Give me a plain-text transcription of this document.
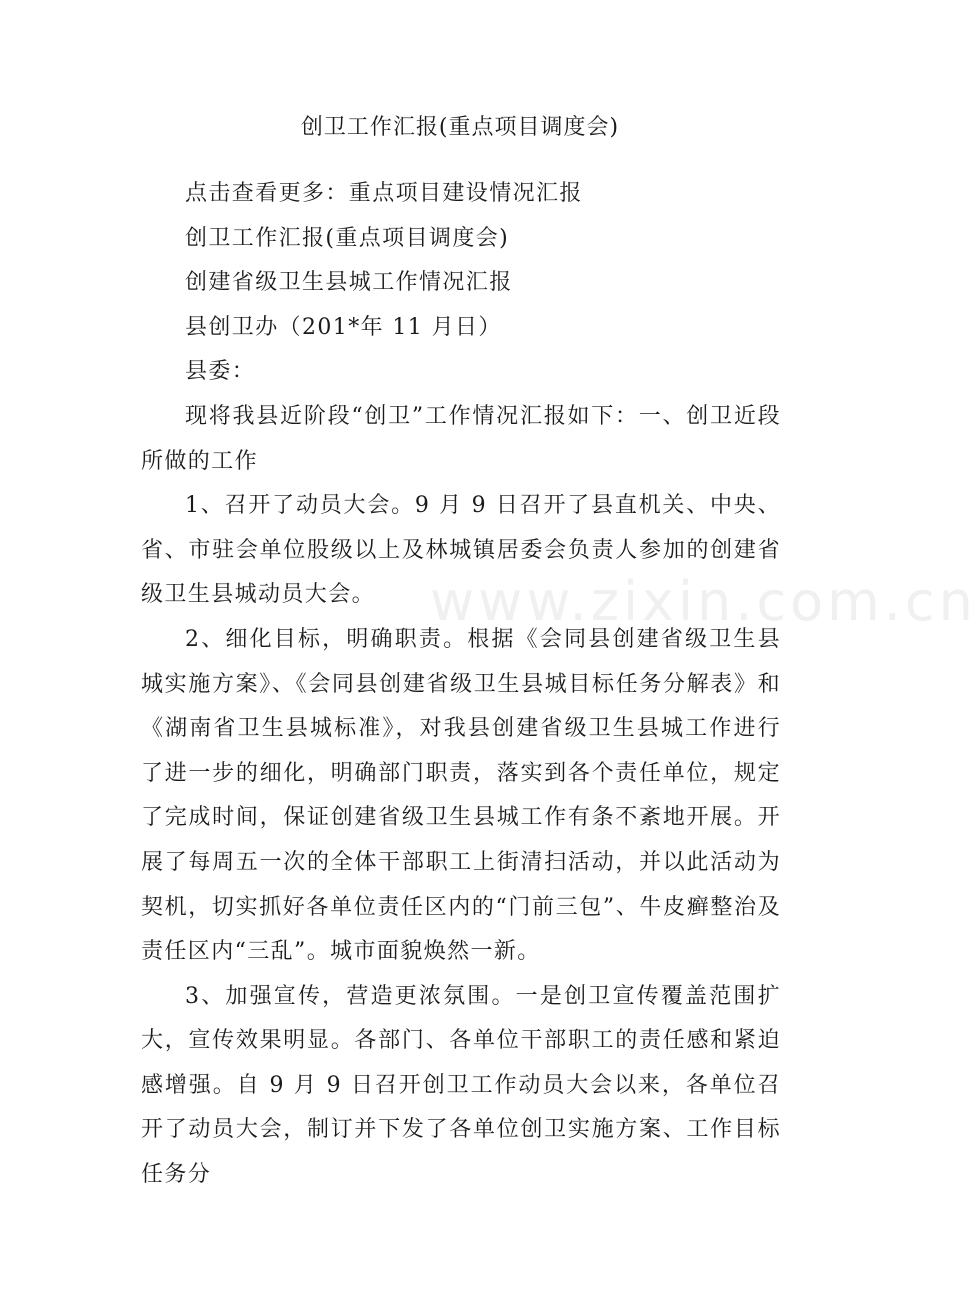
创卫工作汇报(重点项目调度会)

点击查看更多：重点项目建设情况汇报

创卫工作汇报(重点项目调度会)

创建省级卫生县城工作情况汇报

县创卫办（201*年 11 月日）

县委：

现将我县近阶段“创卫”工作情况汇报如下：一、创卫近段所做的工作

1、召开了动员大会。9 月 9 日召开了县直机关、中央、省、市驻会单位股级以上及林城镇居委会负责人参加的创建省级卫生县城动员大会。

2、细化目标，明确职责。根据《会同县创建省级卫生县城实施方案》、《会同县创建省级卫生县城目标任务分解表》和《湖南省卫生县城标准》，对我县创建省级卫生县城工作进行了进一步的细化，明确部门职责，落实到各个责任单位，规定了完成时间，保证创建省级卫生县城工作有条不紊地开展。开展了每周五一次的全体干部职工上街清扫活动，并以此活动为契机，切实抓好各单位责任区内的“门前三包”、牛皮癣整治及责任区内“三乱”。城市面貌焕然一新。

3、加强宣传，营造更浓氛围。一是创卫宣传覆盖范围扩大，宣传效果明显。各部门、各单位干部职工的责任感和紧迫感增强。自 9 月 9 日召开创卫工作动员大会以来，各单位召开了动员大会，制订并下发了各单位创卫实施方案、工作目标任务分

www.zixin.com.cn
